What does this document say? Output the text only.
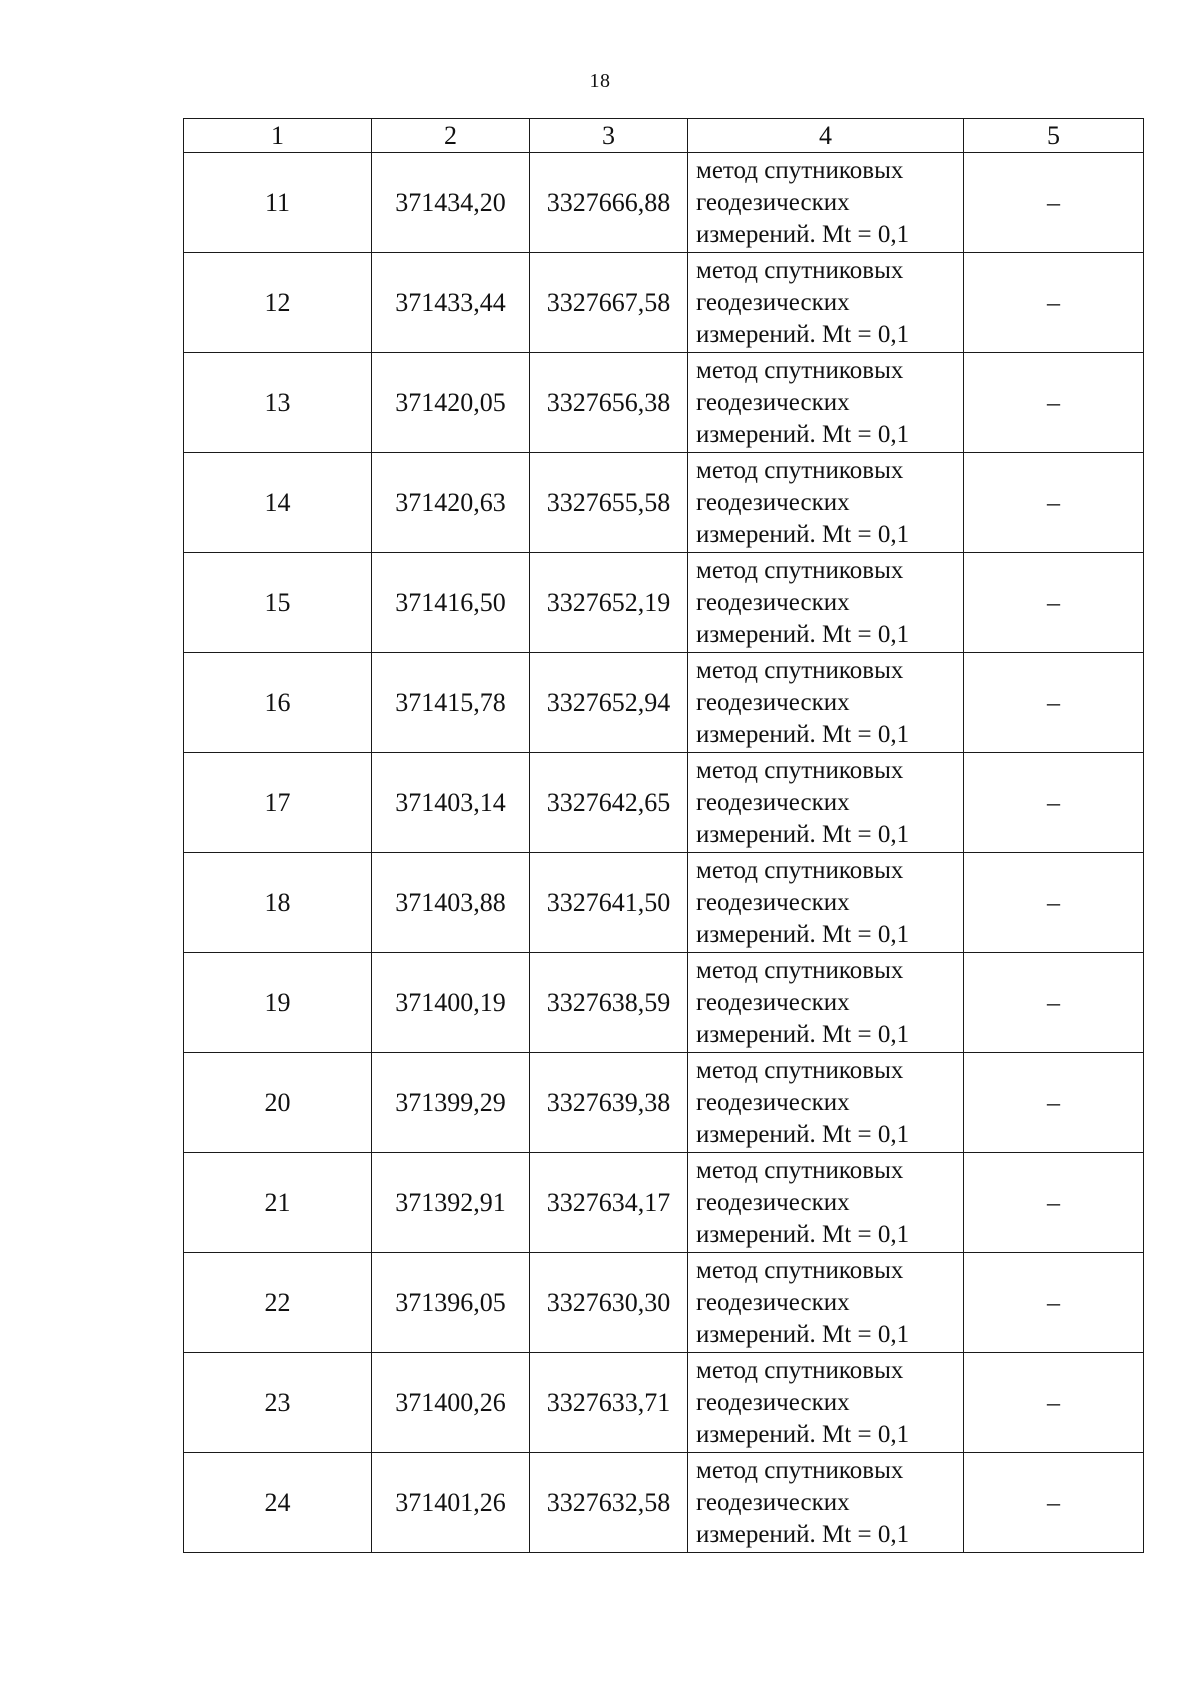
18
1	2	3	4	5
11	371434,20	3327666,88	метод спутниковых
геодезических
измерений. Mt = 0,1	–
12	371433,44	3327667,58	метод спутниковых
геодезических
измерений. Mt = 0,1	–
13	371420,05	3327656,38	метод спутниковых
геодезических
измерений. Mt = 0,1	–
14	371420,63	3327655,58	метод спутниковых
геодезических
измерений. Mt = 0,1	–
15	371416,50	3327652,19	метод спутниковых
геодезических
измерений. Mt = 0,1	–
16	371415,78	3327652,94	метод спутниковых
геодезических
измерений. Mt = 0,1	–
17	371403,14	3327642,65	метод спутниковых
геодезических
измерений. Mt = 0,1	–
18	371403,88	3327641,50	метод спутниковых
геодезических
измерений. Mt = 0,1	–
19	371400,19	3327638,59	метод спутниковых
геодезических
измерений. Mt = 0,1	–
20	371399,29	3327639,38	метод спутниковых
геодезических
измерений. Mt = 0,1	–
21	371392,91	3327634,17	метод спутниковых
геодезических
измерений. Mt = 0,1	–
22	371396,05	3327630,30	метод спутниковых
геодезических
измерений. Mt = 0,1	–
23	371400,26	3327633,71	метод спутниковых
геодезических
измерений. Mt = 0,1	–
24	371401,26	3327632,58	метод спутниковых
геодезических
измерений. Mt = 0,1	–
